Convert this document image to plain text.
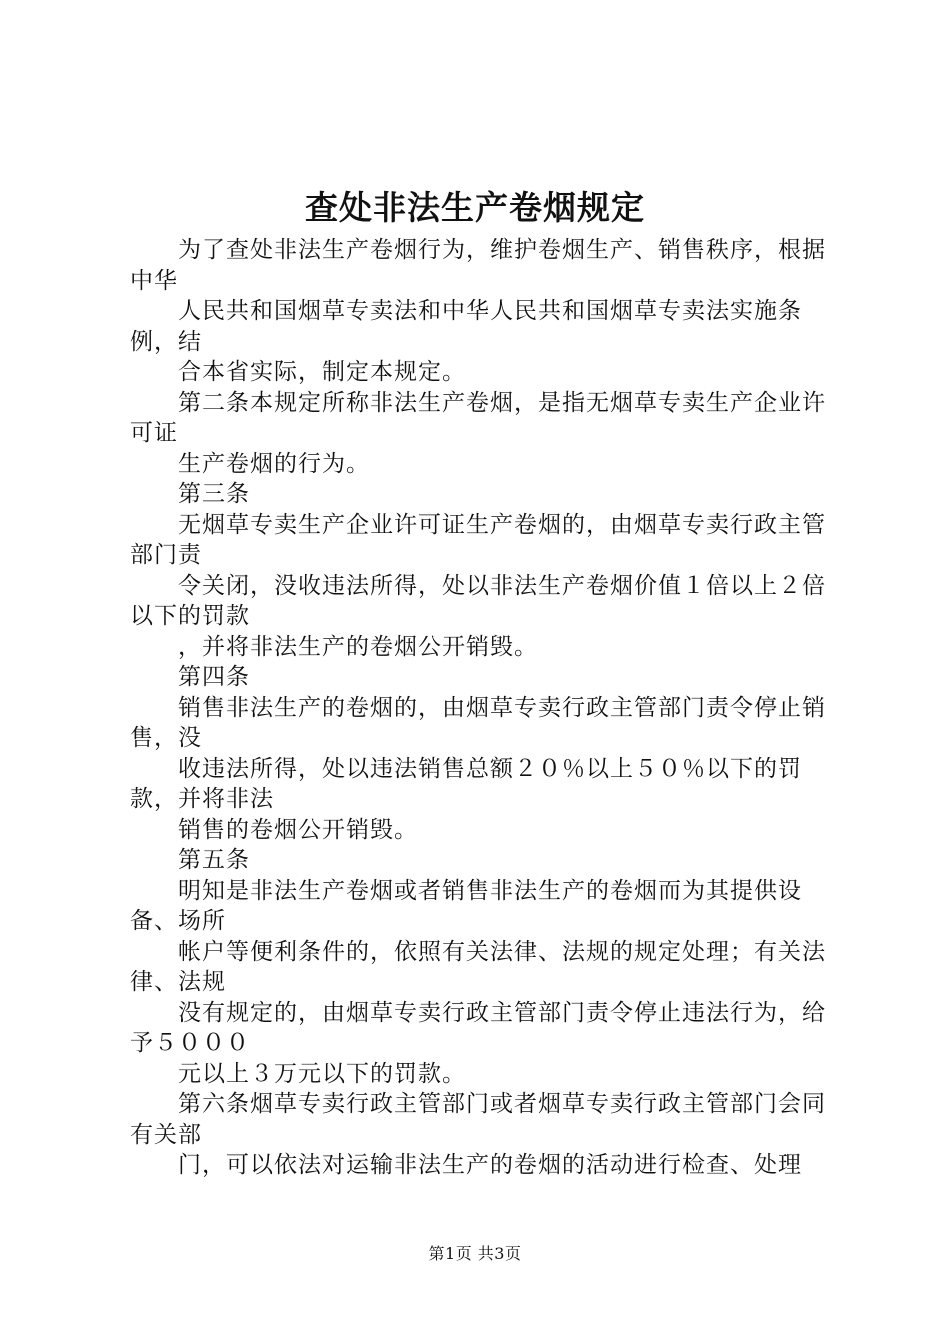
查处非法生产卷烟规定

为了查处非法生产卷烟行为，维护卷烟生产、销售秩序，根据中华

人民共和国烟草专卖法和中华人民共和国烟草专卖法实施条例，结

合本省实际，制定本规定。

第二条本规定所称非法生产卷烟，是指无烟草专卖生产企业许可证

生产卷烟的行为。

第三条

无烟草专卖生产企业许可证生产卷烟的，由烟草专卖行政主管部门责

令关闭，没收违法所得，处以非法生产卷烟价值１倍以上２倍以下的罚款

，并将非法生产的卷烟公开销毁。

第四条

销售非法生产的卷烟的，由烟草专卖行政主管部门责令停止销售，没

收违法所得，处以违法销售总额２０％以上５０％以下的罚款，并将非法

销售的卷烟公开销毁。

第五条

明知是非法生产卷烟或者销售非法生产的卷烟而为其提供设备、场所

帐户等便利条件的，依照有关法律、法规的规定处理；有关法律、法规

没有规定的，由烟草专卖行政主管部门责令停止违法行为，给予５０００

元以上３万元以下的罚款。

第六条烟草专卖行政主管部门或者烟草专卖行政主管部门会同有关部

门，可以依法对运输非法生产的卷烟的活动进行检查、处理

第1页 共3页
